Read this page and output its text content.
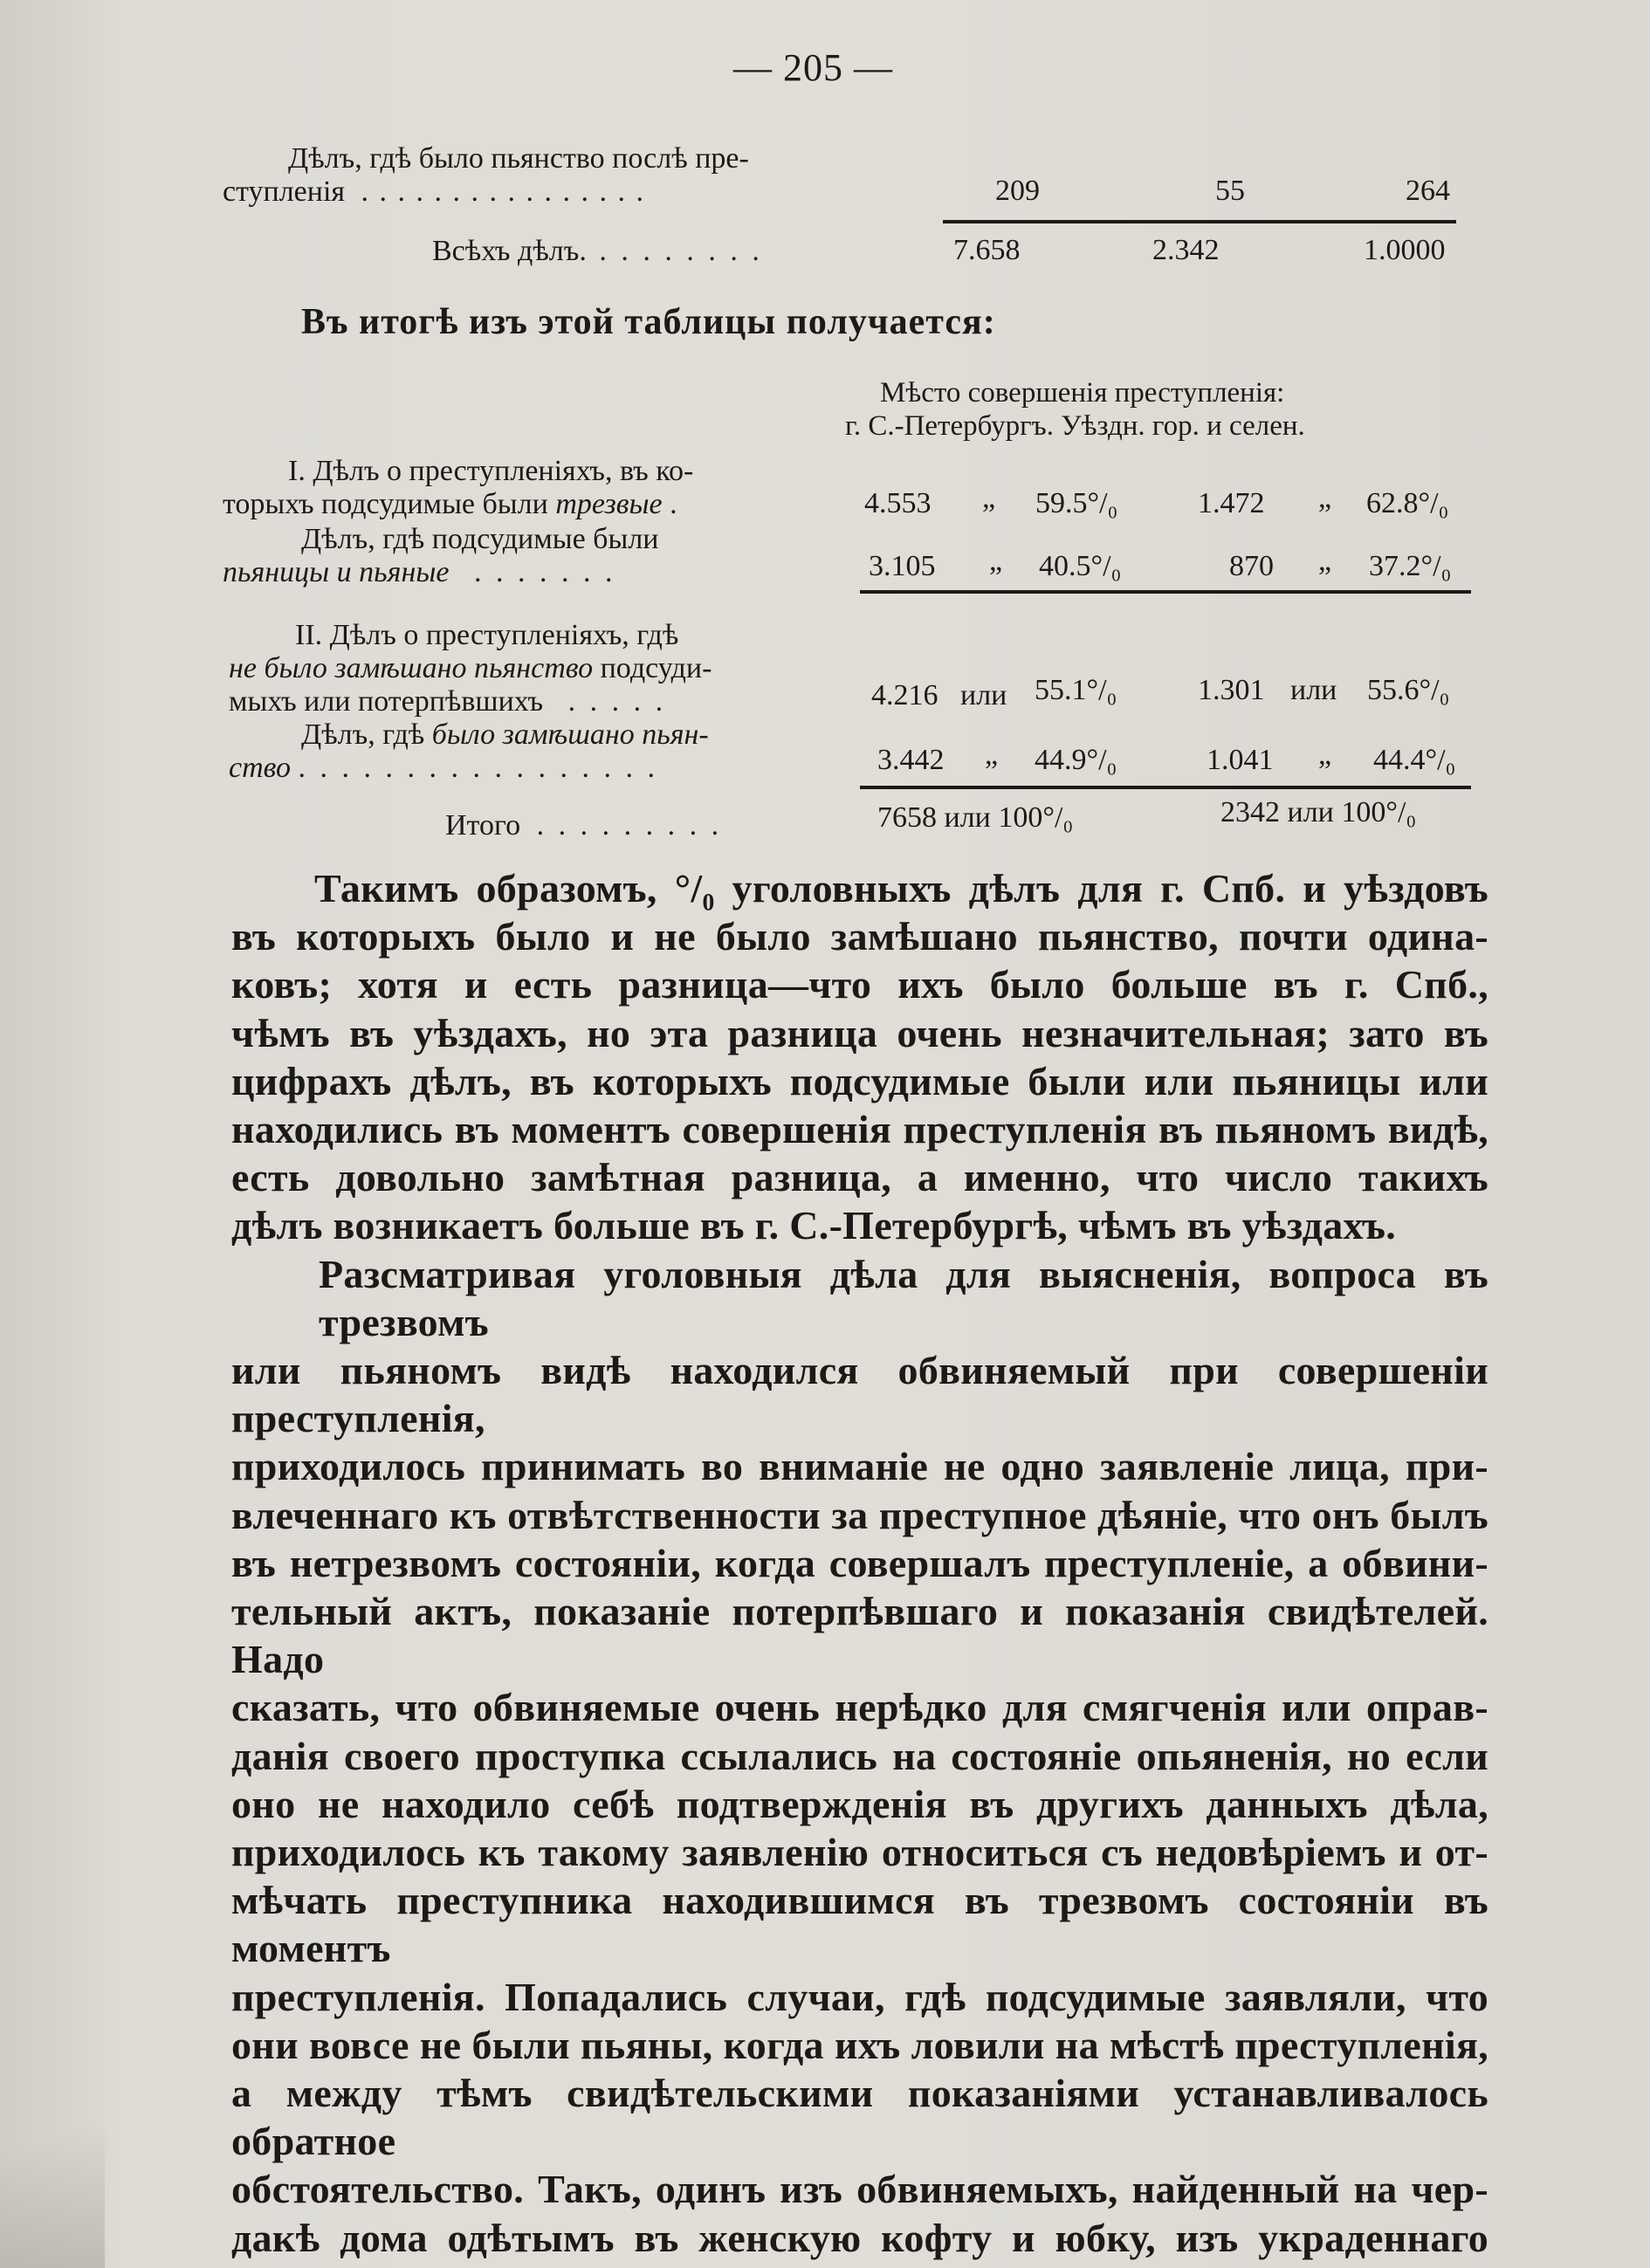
— 205 —
Дѣлъ, гдѣ было пьянство послѣ пре-
ступленія . . . . . . . . . . . . . . . .	209	55	264
Всѣхъ дѣлъ. . . . . . . . .	7.658	2.342	1.0000
Въ итогѣ изъ этой таблицы получается:
Мѣсто совершенія преступленія:
г. С.-Петербургъ. Уѣздн. гор. и селен.
I. Дѣлъ о преступленіяхъ, въ ко-
торыхъ подсудимые были трезвые .	4.553 „ 59.5°/₀	1.472 „ 62.8°/₀
Дѣлъ, гдѣ подсудимые были
пьяницы и пьяные . . . . . . .	3.105 „ 40.5°/₀	870 „ 37.2°/₀
II. Дѣлъ о преступленіяхъ, гдѣ
не было замѣшано пьянство подсуди-
мыхъ или потерпѣвшихъ . . . . .	4.216 или 55.1°/₀	1.301 или 55.6°/₀
Дѣлъ, гдѣ было замѣшано пьян-
ство . . . . . . . . . . . . . . . . .	3.442 „ 44.9°/₀	1.041 „ 44.4°/₀
Итого . . . . . . . . .	7658 или 100°/₀	2342 или 100°/₀
Такимъ образомъ, °/₀ уголовныхъ дѣлъ для г. Спб. и уѣздовъ
въ которыхъ было и не было замѣшано пьянство, почти одина-
ковъ; хотя и есть разница—что ихъ было больше въ г. Спб.,
чѣмъ въ уѣздахъ, но эта разница очень незначительная; зато въ
цифрахъ дѣлъ, въ которыхъ подсудимые были или пьяницы или
находились въ моментъ совершенія преступленія въ пьяномъ видѣ,
есть довольно замѣтная разница, а именно, что число такихъ
дѣлъ возникаетъ больше въ г. С.-Петербургѣ, чѣмъ въ уѣздахъ.
Разсматривая уголовныя дѣла для выясненія, вопроса въ трезвомъ
или пьяномъ видѣ находился обвиняемый при совершеніи преступленія,
приходилось принимать во вниманіе не одно заявленіе лица, при-
влеченнаго къ отвѣтственности за преступное дѣяніе, что онъ былъ
въ нетрезвомъ состояніи, когда совершалъ преступленіе, а обвини-
тельный актъ, показаніе потерпѣвшаго и показанія свидѣтелей. Надо
сказать, что обвиняемые очень нерѣдко для смягченія или оправ-
данія своего проступка ссылались на состояніе опьяненія, но если
оно не находило себѣ подтвержденія въ другихъ данныхъ дѣла,
приходилось къ такому заявленію относиться съ недовѣріемъ и от-
мѣчать преступника находившимся въ трезвомъ состояніи въ моментъ
преступленія. Попадались случаи, гдѣ подсудимые заявляли, что
они вовсе не были пьяны, когда ихъ ловили на мѣстѣ преступленія,
а между тѣмъ свидѣтельскими показаніями устанавливалось обратное
обстоятельство. Такъ, одинъ изъ обвиняемыхъ, найденный на чер-
дакѣ дома одѣтымъ въ женскую кофту и юбку, изъ украденнаго
